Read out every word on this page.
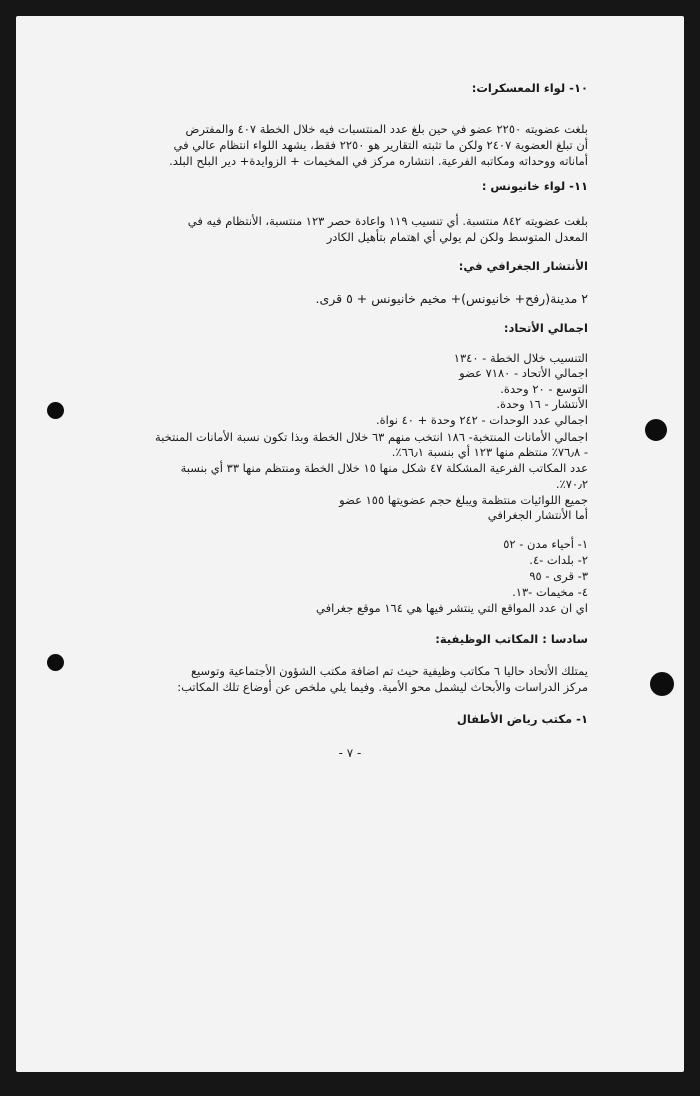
١٠- لواء المعسكرات:
بلغت عضويته ٢٢٥٠ عضو في حين بلغ عدد المنتسبات فيه خلال الخطة ٤٠٧ والمفترض
أن تبلغ العضوية ٢٤٠٧ ولكن ما تثبته التقارير هو ٢٢٥٠ فقط، يشهد اللواء انتظام عالي في
أماناته ووحداته ومكاتبه الفرعية. انتشاره مركز في المخيمات + الزوايدة+ دير البلح البلد.
١١- لواء خانيونس :
بلغت عضويته ٨٤٢ منتسبة. أي تنسيب ١١٩ واعادة حصر ١٢٣ منتسبة، الأنتظام فيه في
المعدل المتوسط ولكن لم يولي أي اهتمام بتأهيل الكادر
الأنتشار الجغرافي في:
٢ مدينة(رفح+ خانيونس)+ مخيم خانيونس + ٥ قرى.
اجمالي الأتحاد:
التنسيب خلال الخطة - ١٣٤٠
اجمالي الأتحاد - ٧١٨٠ عضو
التوسع - ٢٠ وحدة.
الأنتشار - ١٦ وحدة.
اجمالي عدد الوحدات - ٢٤٢ وحدة + ٤٠ نواة.
اجمالي الأمانات المنتخبة- ١٨٦ انتخب منهم ٦٣ خلال الخطة وبذا تكون نسبة الأمانات المنتخبة
- ٧٦٫٨٪ منتظم منها ١٢٣ أي بنسبة ٦٦٫١٪.
عدد المكاتب الفرعية المشكلة ٤٧ شكل منها ١٥ خلال الخطة ومنتظم منها ٣٣ أي بنسبة
٧٠٫٢٪.
جميع اللوائيات منتظمة ويبلغ حجم عضويتها ١٥٥ عضو
أما الأنتشار الجغرافي
١- أحياء مدن - ٥٢
٢- بلدات -٤.
٣- قرى - ٩٥
٤- مخيمات -١٣.
اي ان عدد المواقع التي ينتشر فيها هي ١٦٤ موقع جغرافي
سادسا : المكاتب الوظيفية:
يمتلك الأتحاد حاليا ٦ مكاتب وظيفية حيث تم اضافة مكتب الشؤون الأجتماعية وتوسيع
مركز الدراسات والأبحاث ليشمل محو الأمية. وفيما يلي ملخص عن أوضاع تلك المكاتب:
١- مكتب رياض الأطفال
- ٧ -
